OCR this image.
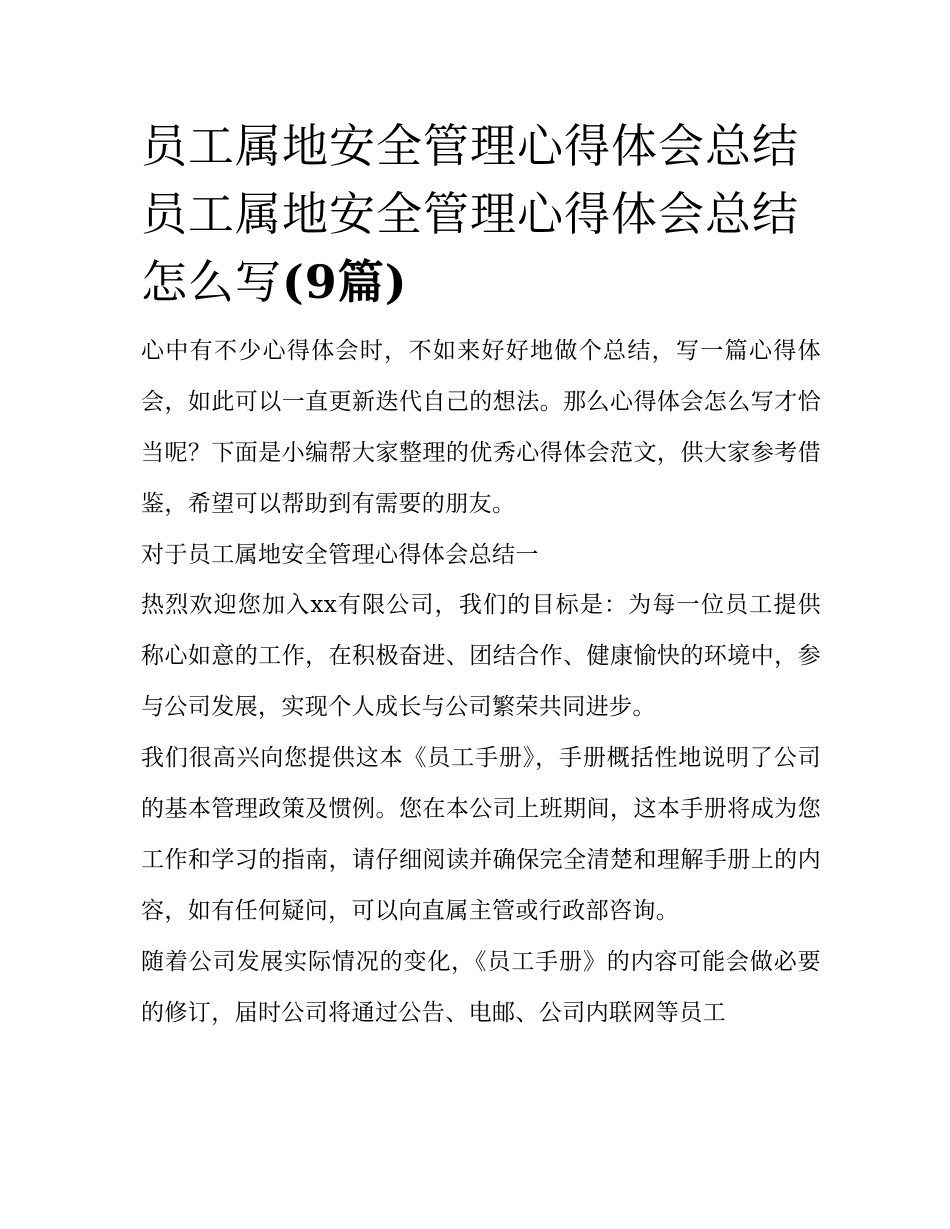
员工属地安全管理心得体会总结 员工属地安全管理心得体会总结怎么写(9篇)

心中有不少心得体会时，不如来好好地做个总结，写一篇心得体会，如此可以一直更新迭代自己的想法。那么心得体会怎么写才恰当呢？下面是小编帮大家整理的优秀心得体会范文，供大家参考借鉴，希望可以帮助到有需要的朋友。

对于员工属地安全管理心得体会总结一

热烈欢迎您加入xx有限公司，我们的目标是：为每一位员工提供称心如意的工作，在积极奋进、团结合作、健康愉快的环境中，参与公司发展，实现个人成长与公司繁荣共同进步。

我们很高兴向您提供这本《员工手册》，手册概括性地说明了公司的基本管理政策及惯例。您在本公司上班期间，这本手册将成为您工作和学习的指南，请仔细阅读并确保完全清楚和理解手册上的内容，如有任何疑问，可以向直属主管或行政部咨询。

随着公司发展实际情况的变化，《员工手册》的内容可能会做必要的修订，届时公司将通过公告、电邮、公司内联网等员工
